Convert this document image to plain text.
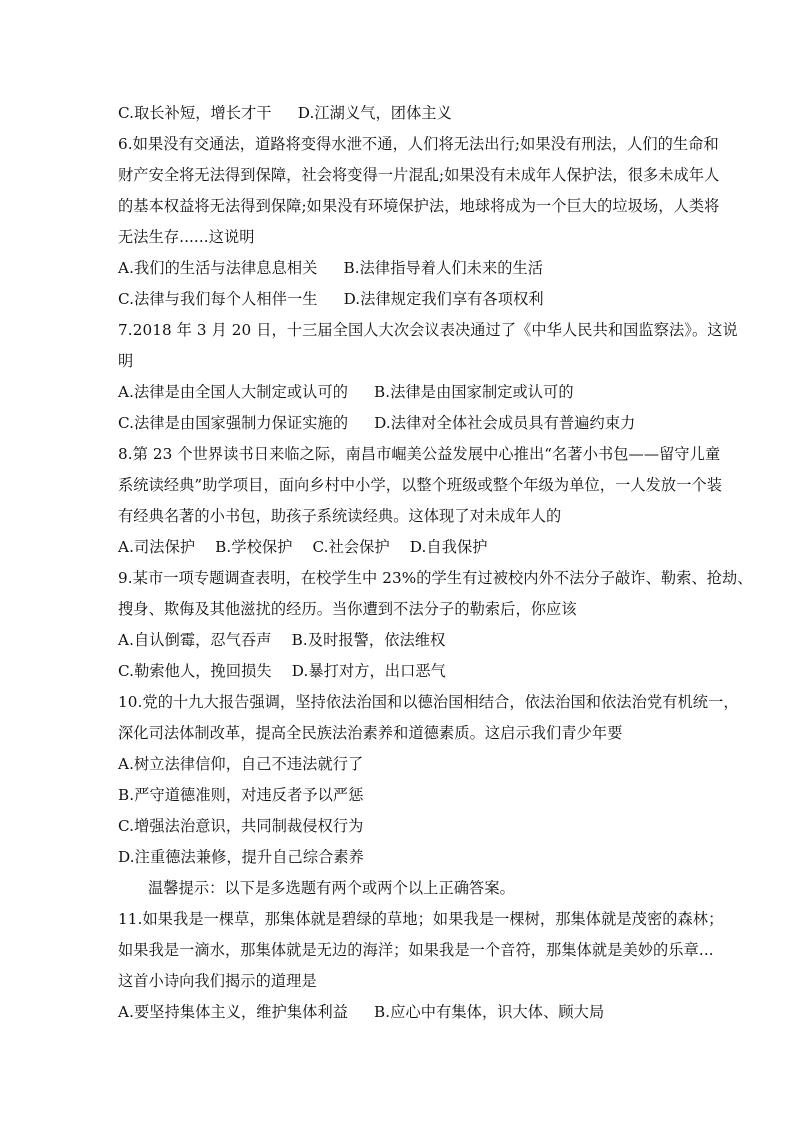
C.取长补短，增长才干 D.江湖义气，团体主义
6.如果没有交通法，道路将变得水泄不通，人们将无法出行;如果没有刑法，人们的生命和
财产安全将无法得到保障，社会将变得一片混乱;如果没有未成年人保护法，很多未成年人
的基本权益将无法得到保障;如果没有环境保护法，地球将成为一个巨大的垃圾场，人类将
无法生存......这说明
A.我们的生活与法律息息相关 B.法律指导着人们未来的生活
C.法律与我们每个人相伴一生 D.法律规定我们享有各项权利
7.2018 年 3 月 20 日，十三届全国人大次会议表决通过了《中华人民共和国监察法》。这说
明
A.法律是由全国人大制定或认可的 B.法律是由国家制定或认可的
C.法律是由国家强制力保证实施的 D.法律对全体社会成员具有普遍约束力
8.第 23 个世界读书日来临之际，南昌市崛美公益发展中心推出“名著小书包——留守儿童
系统读经典”助学项目，面向乡村中小学，以整个班级或整个年级为单位，一人发放一个装
有经典名著的小书包，助孩子系统读经典。这体现了对未成年人的
A.司法保护 B.学校保护 C.社会保护 D.自我保护
9.某市一项专题调查表明，在校学生中 23%的学生有过被校内外不法分子敲诈、勒索、抢劫、
搜身、欺侮及其他滋扰的经历。当你遭到不法分子的勒索后，你应该
A.自认倒霉，忍气吞声 B.及时报警，依法维权
C.勒索他人，挽回损失 D.暴打对方，出口恶气
10.党的十九大报告强调，坚持依法治国和以德治国相结合，依法治国和依法治党有机统一，
深化司法体制改革，提高全民族法治素养和道德素质。这启示我们青少年要
A.树立法律信仰，自己不违法就行了
B.严守道德准则，对违反者予以严惩
C.增强法治意识，共同制裁侵权行为
D.注重德法兼修，提升自己综合素养
温馨提示：以下是多选题有两个或两个以上正确答案。
11.如果我是一棵草，那集体就是碧绿的草地；如果我是一棵树，那集体就是茂密的森林；
如果我是一滴水，那集体就是无边的海洋；如果我是一个音符，那集体就是美妙的乐章...
这首小诗向我们揭示的道理是
A.要坚持集体主义，维护集体利益 B.应心中有集体，识大体、顾大局
